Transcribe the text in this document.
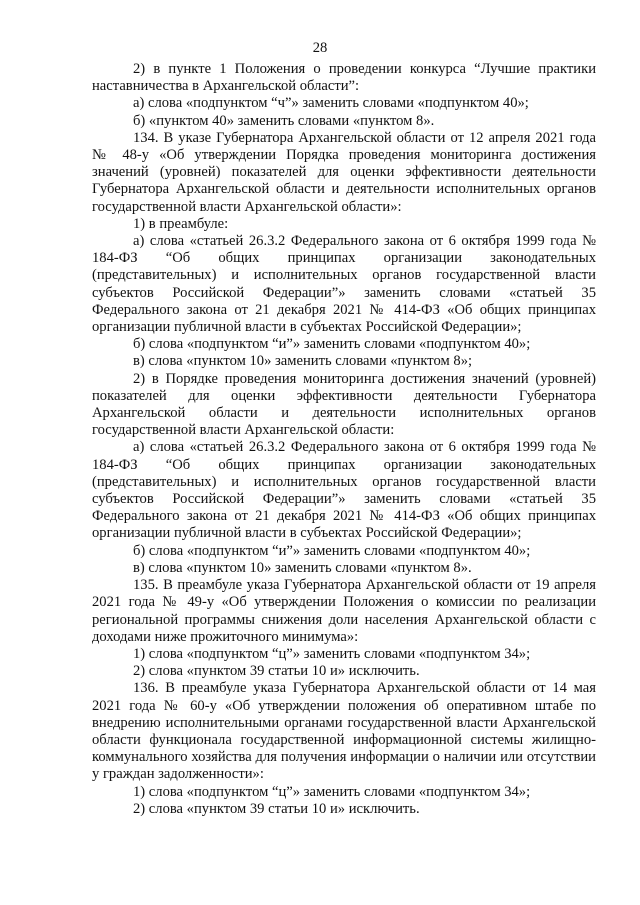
28

2) в пункте 1 Положения о проведении конкурса “Лучшие практики наставничества в Архангельской области”:

а) слова «подпунктом “ч”» заменить словами «подпунктом 40»;

б) «пунктом 40» заменить словами «пунктом 8».

134. В указе Губернатора Архангельской области от 12 апреля 2021 года № 48-у «Об утверждении Порядка проведения мониторинга достижения значений (уровней) показателей для оценки эффективности деятельности Губернатора Архангельской области и деятельности исполнительных органов государственной власти Архангельской области»:

1) в преамбуле:

а) слова «статьей 26.3.2 Федерального закона от 6 октября 1999 года № 184-ФЗ “Об общих принципах организации законодательных (представительных) и исполнительных органов государственной власти субъектов Российской Федерации”» заменить словами «статьей 35 Федерального закона от 21 декабря 2021 № 414-ФЗ «Об общих принципах организации публичной власти в субъектах Российской Федерации»;

б) слова «подпунктом “и”» заменить словами «подпунктом 40»;

в) слова «пунктом 10» заменить словами «пунктом 8»;

2) в Порядке проведения мониторинга достижения значений (уровней) показателей для оценки эффективности деятельности Губернатора Архангельской области и деятельности исполнительных органов государственной власти Архангельской области:

а) слова «статьей 26.3.2 Федерального закона от 6 октября 1999 года № 184-ФЗ “Об общих принципах организации законодательных (представительных) и исполнительных органов государственной власти субъектов Российской Федерации”» заменить словами «статьей 35 Федерального закона от 21 декабря 2021 № 414-ФЗ «Об общих принципах организации публичной власти в субъектах Российской Федерации»;

б) слова «подпунктом “и”» заменить словами «подпунктом 40»;

в) слова «пунктом 10» заменить словами «пунктом 8».

135. В преамбуле указа Губернатора Архангельской области от 19 апреля 2021 года № 49-у «Об утверждении Положения о комиссии по реализации региональной программы снижения доли населения Архангельской области с доходами ниже прожиточного минимума»:

1) слова «подпунктом “ц”» заменить словами «подпунктом 34»;

2) слова «пунктом 39 статьи 10 и» исключить.

136. В преамбуле указа Губернатора Архангельской области от 14 мая 2021 года № 60-у «Об утверждении положения об оперативном штабе по внедрению исполнительными органами государственной власти Архангельской области функционала государственной информационной системы жилищно-коммунального хозяйства для получения информации о наличии или отсутствии у граждан задолженности»:

1) слова «подпунктом “ц”» заменить словами «подпунктом 34»;

2) слова «пунктом 39 статьи 10 и» исключить.
